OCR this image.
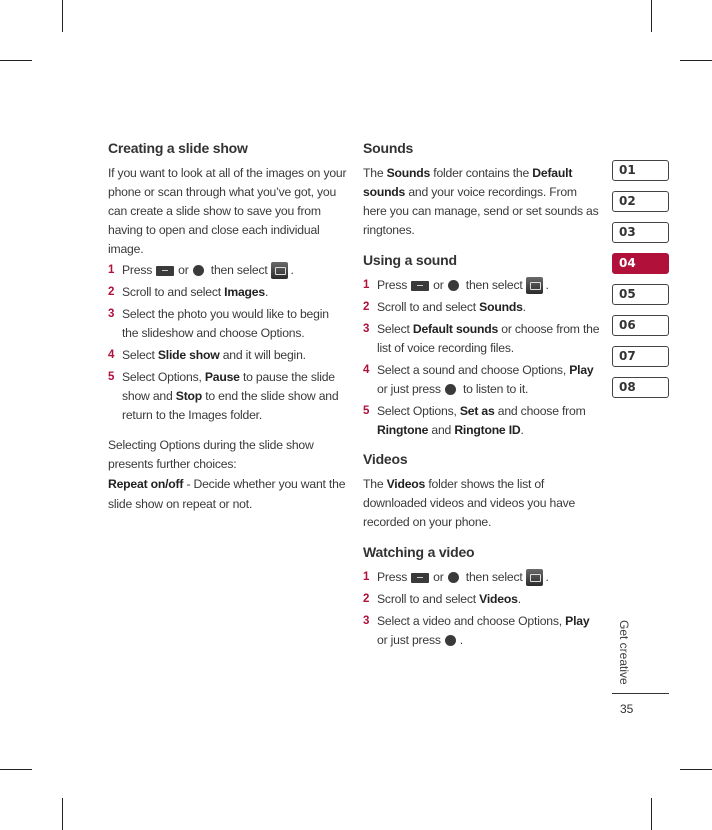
Creating a slide show

If you want to look at all of the images on your phone or scan through what you’ve got, you can create a slide show to save you from having to open and close each individual image.

1 Press or then select .
2 Scroll to and select Images.
3 Select the photo you would like to begin the slideshow and choose Options.
4 Select Slide show and it will begin.
5 Select Options, Pause to pause the slide show and Stop to end the slide show and return to the Images folder.

Selecting Options during the slide show presents further choices:

Repeat on/off - Decide whether you want the slide show on repeat or not.

Sounds

The Sounds folder contains the Default sounds and your voice recordings. From here you can manage, send or set sounds as ringtones.

Using a sound
1 Press or then select .
2 Scroll to and select Sounds.
3 Select Default sounds or choose from the list of voice recording files.
4 Select a sound and choose Options, Play or just press to listen to it.
5 Select Options, Set as and choose from Ringtone and Ringtone ID.
Videos

The Videos folder shows the list of downloaded videos and videos you have recorded on your phone.

Watching a video
1 Press or then select .
2 Scroll to and select Videos.
3 Select a video and choose Options, Play or just press .
01
02
03
04
05
06
07
08
Get creative
35
